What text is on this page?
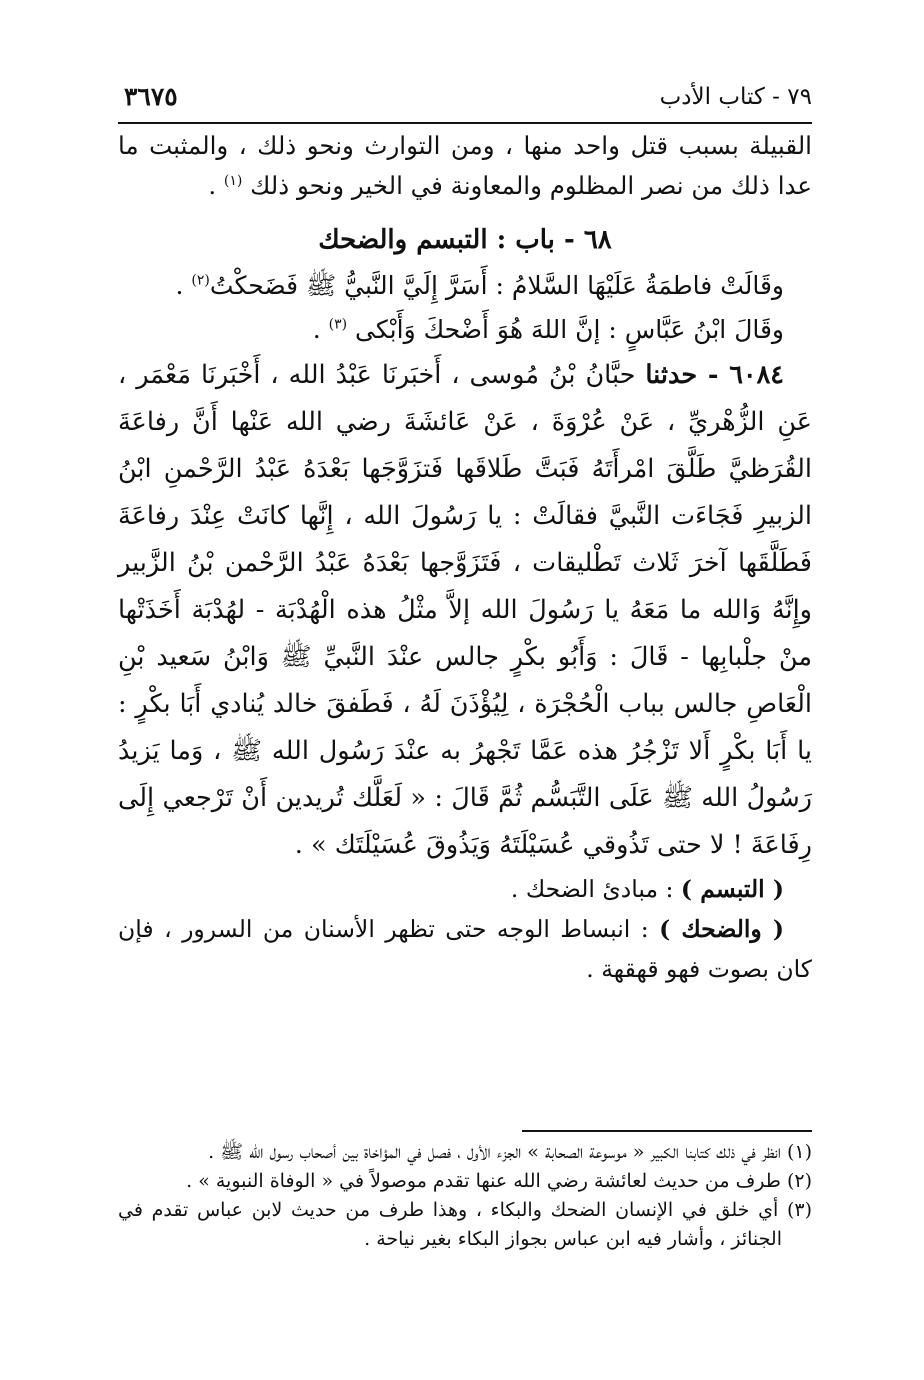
٧٩ - كتاب الأدب
٣٦٧٥

القبيلة بسبب قتل واحد منها ، ومن التوارث ونحو ذلك ، والمثبت ما عدا ذلك من نصر المظلوم والمعاونة في الخير ونحو ذلك $^{(١)}$ .

٦٨ - باب : التبسم والضحك

وقَالَتْ فاطمَةُ عَلَيْهَا السَّلامُ : أَسَرَّ إِلَيَّ النَّبيُّ ﷺ فَضَحكْتُ$^{(٢)}$ .

وقَالَ ابْنُ عَبَّاسٍ : إنَّ اللهَ هُوَ أَضْحكَ وَأَبْكى $^{(٣)}$ .

٦٠٨٤ - حدثنا حبَّانُ بْنُ مُوسى ، أَخبَرنَا عَبْدُ الله ، أَخْبَرنَا مَعْمَر ، عَنِ الزُّهْريِّ ، عَنْ عُرْوَةَ ، عَنْ عَائشَةَ رضي الله عَنْها أَنَّ رفاعَةَ القُرَظيَّ طَلَّقَ امْرأَتَهُ فَبَتَّ طَلاقَها فَتزَوَّجَها بَعْدَهُ عَبْدُ الرَّحْمنِ ابْنُ الزبيرِ فَجَاءَت النَّبيَّ فقالَتْ : يا رَسُولَ الله ، إِنَّها كانَتْ عِنْدَ رفاعَةَ فَطَلَّقَها آخرَ ثَلاث تَطْليقات ، فَتَزَوَّجها بَعْدَهُ عَبْدُ الرَّحْمن بْنُ الزَّبير وإِنَّهُ وَالله ما مَعَهُ يا رَسُولَ الله إلاَّ مثْلُ هذه الْهُدْبَة - لهُدْبَة أَخَذَتْها منْ جلْبابِها - قَالَ : وَأَبُو بكْرٍ جالس عنْدَ النَّبيِّ ﷺ وَابْنُ سَعيد بْنِ الْعَاصِ جالس بباب الْحُجْرَة ، لِيُؤْذَنَ لَهُ ، فَطَفقَ خالد يُنادي أَبَا بكْرٍ : يا أَبَا بكْرٍ أَلا تَزْجُرُ هذه عَمَّا تَجْهرُ به عنْدَ رَسُول الله ﷺ ، وَما يَزيدُ رَسُولُ الله ﷺ عَلَى التَّبَسُّم ثُمَّ قَالَ : « لَعَلَّك تُريدين أَنْ تَرْجعي إِلَى رِفَاعَةَ ! لا حتى تَذُوقي عُسَيْلَتَهُ وَيَذُوقَ عُسَيْلَتَك » .

( التبسم ) : مبادئ الضحك .

( والضحك ) : انبساط الوجه حتى تظهر الأسنان من السرور ، فإن كان بصوت فهو قهقهة .

(١) انظر في ذلك كتابنا الكبير « موسوعة الصحابة » الجزء الأول ، فصل في المؤاخاة بين أصحاب رسول الله ﷺ .

(٢) طرف من حديث لعائشة رضي الله عنها تقدم موصولاً في « الوفاة النبوية » .

(٣) أي خلق في الإنسان الضحك والبكاء ، وهذا طرف من حديث لابن عباس تقدم في الجنائز ، وأشار فيه ابن عباس بجواز البكاء بغير نياحة .
